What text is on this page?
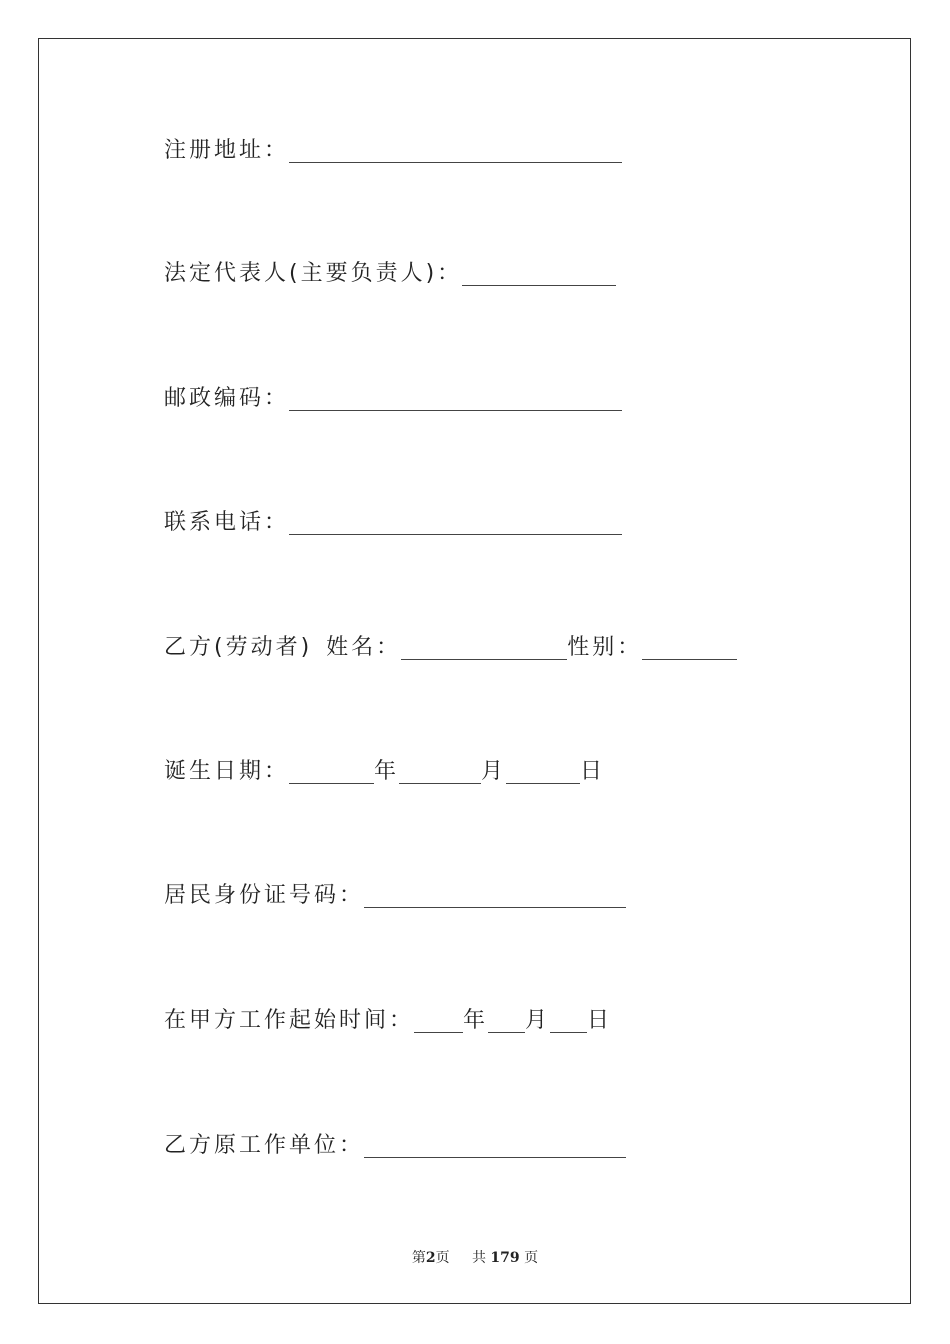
注册地址：
法定代表人(主要负责人)：
邮政编码：
联系电话：
乙方(劳动者) 姓名：	性别：
诞生日期：	年	月	日
居民身份证号码：
在甲方工作起始时间： 年 月 日
乙方原工作单位：
第2页 共 179 页
